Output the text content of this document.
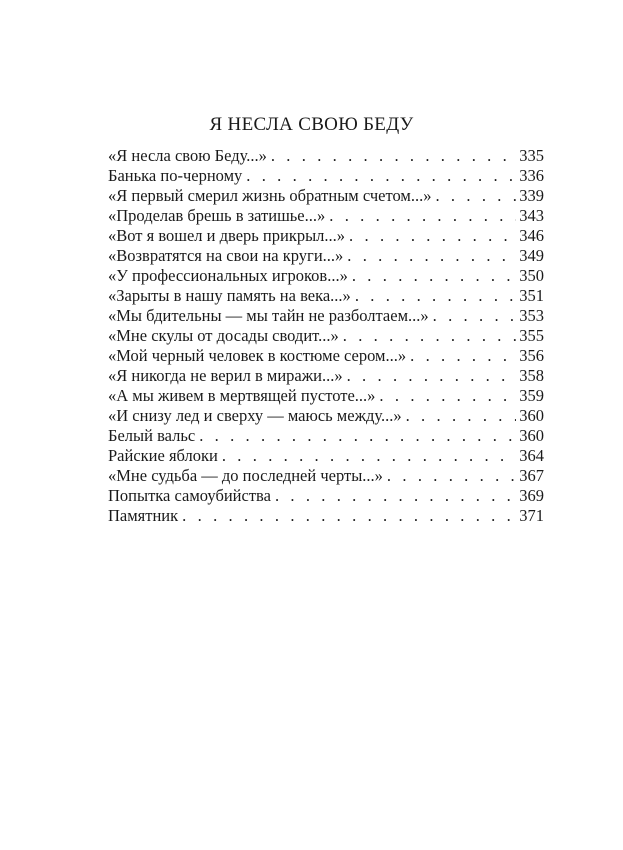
Я НЕСЛА СВОЮ БЕДУ
«Я несла свою Беду...» . . .	335
Банька по-черному . . .	336
«Я первый смерил жизнь обратным счетом...» . . .	339
«Проделав брешь в затишье...» . . .	343
«Вот я вошел и дверь прикрыл...» . . .	346
«Возвратятся на свои на круги...» . . .	349
«У профессиональных игроков...» . . .	350
«Зарыты в нашу память на века...» . . .	351
«Мы бдительны — мы тайн не разболтаем...» . . .	353
«Мне скулы от досады сводит...» . . .	355
«Мой черный человек в костюме сером...» . . .	356
«Я никогда не верил в миражи...» . . .	358
«А мы живем в мертвящей пустоте...» . . .	359
«И снизу лед и сверху — маюсь между...» . . .	360
Белый вальс . . .	360
Райские яблоки . . .	364
«Мне судьба — до последней черты...» . . .	367
Попытка самоубийства . . .	369
Памятник . . .	371
